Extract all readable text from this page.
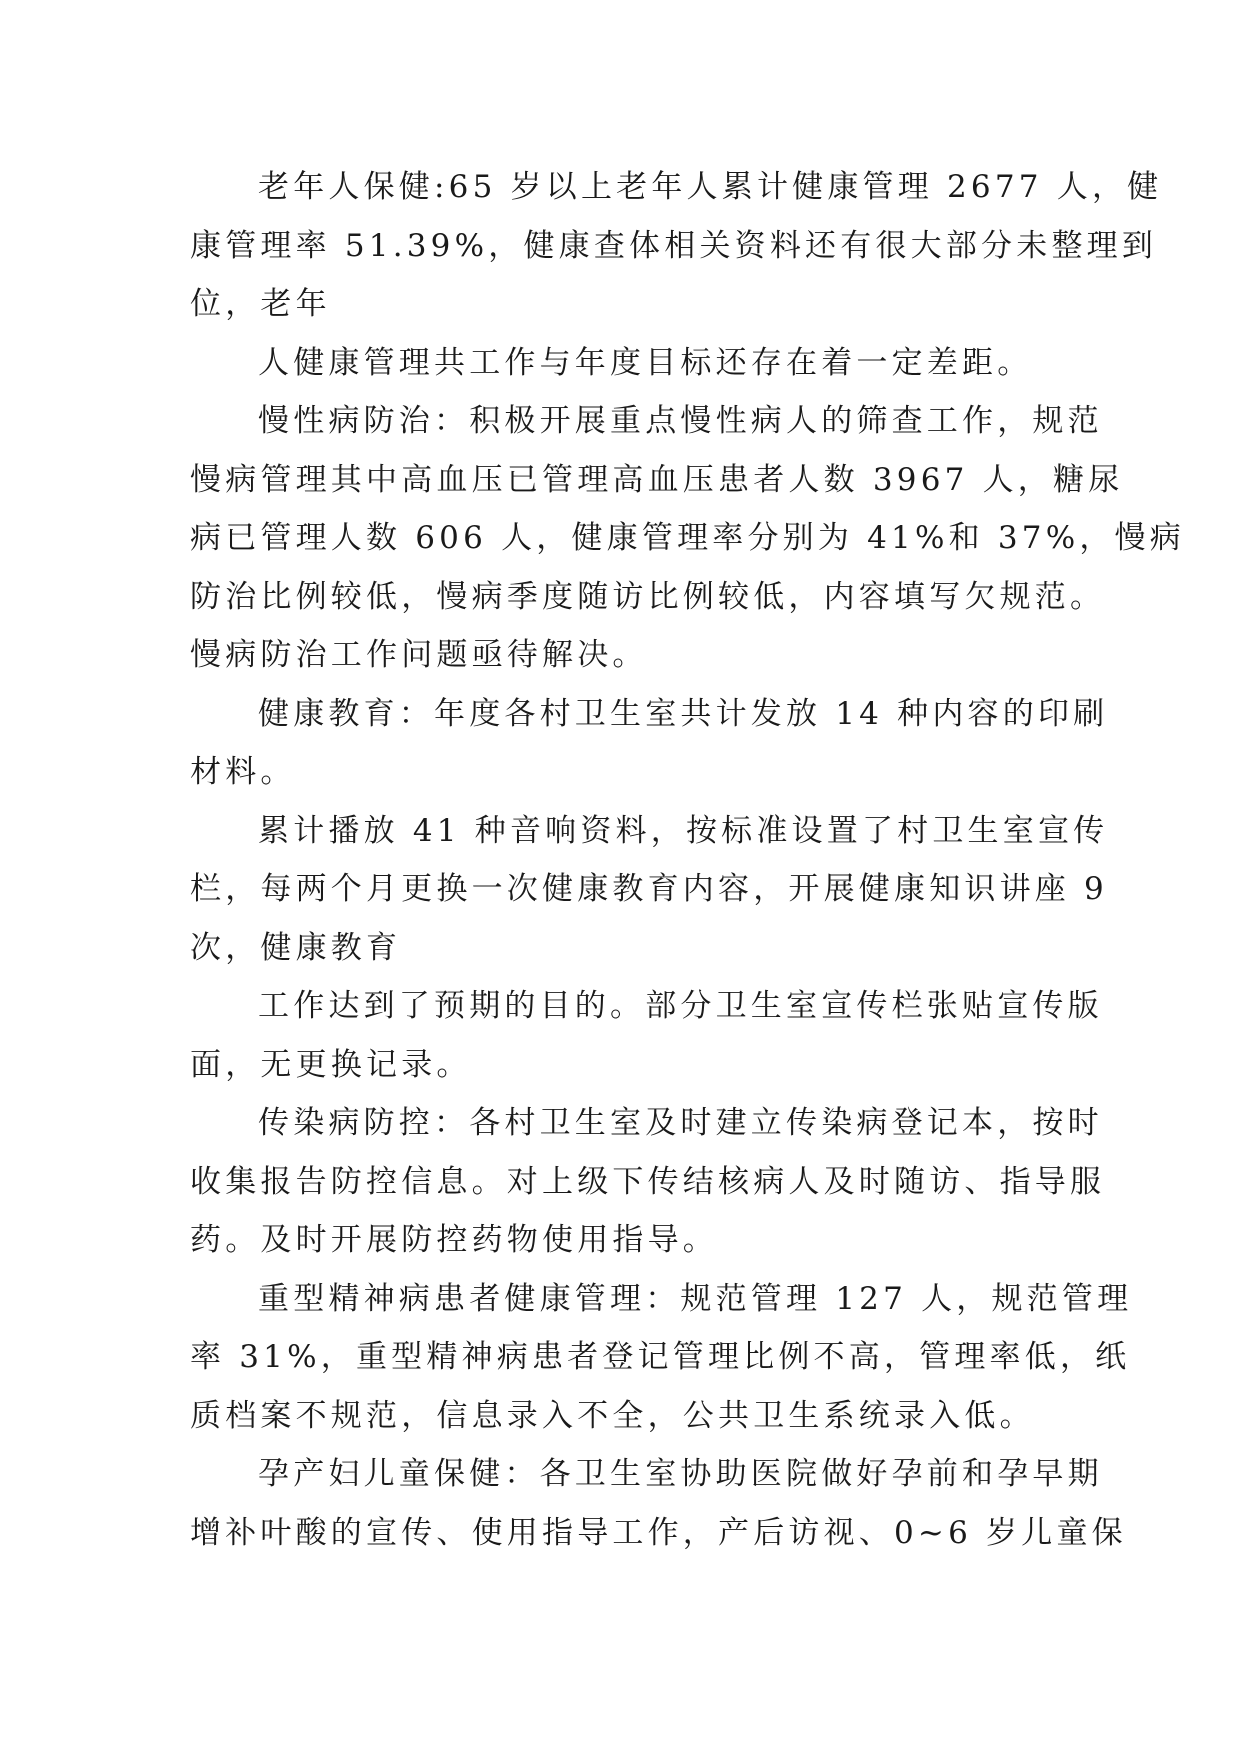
老年人保健:65 岁以上老年人累计健康管理 2677 人，健
康管理率 51.39%，健康查体相关资料还有很大部分未整理到
位，老年

人健康管理共工作与年度目标还存在着一定差距。

慢性病防治：积极开展重点慢性病人的筛查工作，规范
慢病管理其中高血压已管理高血压患者人数 3967 人，糖尿
病已管理人数 606 人，健康管理率分别为 41%和 37%，慢病
防治比例较低，慢病季度随访比例较低，内容填写欠规范。
慢病防治工作问题亟待解决。

健康教育：年度各村卫生室共计发放 14 种内容的印刷
材料。

累计播放 41 种音响资料，按标准设置了村卫生室宣传
栏，每两个月更换一次健康教育内容，开展健康知识讲座 9
次，健康教育

工作达到了预期的目的。部分卫生室宣传栏张贴宣传版
面，无更换记录。

传染病防控：各村卫生室及时建立传染病登记本，按时
收集报告防控信息。对上级下传结核病人及时随访、指导服
药。及时开展防控药物使用指导。

重型精神病患者健康管理：规范管理 127 人，规范管理
率 31%，重型精神病患者登记管理比例不高，管理率低，纸
质档案不规范，信息录入不全，公共卫生系统录入低。

孕产妇儿童保健：各卫生室协助医院做好孕前和孕早期
增补叶酸的宣传、使用指导工作，产后访视、0~6 岁儿童保
